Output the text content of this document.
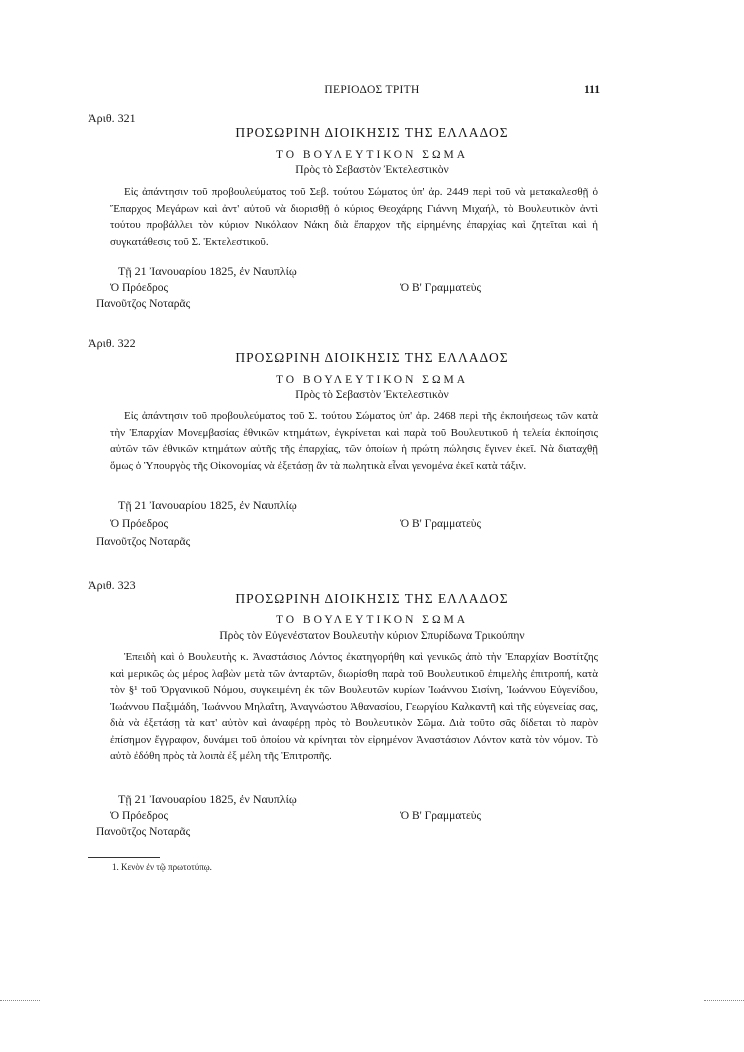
ΠΕΡΙΟΔΟΣ ΤΡΙΤΗ	111
Ἀριθ. 321
ΠΡΟΣΩΡΙΝΗ ΔΙΟΙΚΗΣΙΣ ΤΗΣ ΕΛΛΑΔΟΣ
ΤΟ ΒΟΥΛΕΥΤΙΚΟΝ ΣΩΜΑ
Πρὸς τὸ Σεβαστὸν Ἐκτελεστικὸν

Εἰς ἀπάντησιν τοῦ προβουλεύματος τοῦ Σεβ. τούτου Σώματος ὑπ' ἀρ. 2449 περὶ τοῦ νὰ μετακαλεσθῇ ὁ Ἔπαρχος Μεγάρων καὶ ἀντ' αὐτοῦ νὰ διορισθῇ ὁ κύριος Θεοχάρης Γιάννη Μιχαήλ, τὸ Βουλευτικὸν ἀντὶ τούτου προβάλλει τὸν κύριον Νικόλαον Νάκη διὰ ἔπαρχον τῆς εἰρημένης ἐπαρχίας καὶ ζητεῖται καὶ ἡ συγκατάθεσις τοῦ Σ. Ἐκτελεστικοῦ.

Τῇ 21 Ἰανουαρίου 1825, ἐν Ναυπλίῳ
Ὁ Πρόεδρος	Ὁ Β' Γραμματεὺς
Πανοῦτζος Νοταρᾶς
Ἀριθ. 322
ΠΡΟΣΩΡΙΝΗ ΔΙΟΙΚΗΣΙΣ ΤΗΣ ΕΛΛΑΔΟΣ
ΤΟ ΒΟΥΛΕΥΤΙΚΟΝ ΣΩΜΑ
Πρὸς τὸ Σεβαστὸν Ἐκτελεστικὸν

Εἰς ἀπάντησιν τοῦ προβουλεύματος τοῦ Σ. τούτου Σώματος ὑπ' ἀρ. 2468 περὶ τῆς ἐκποιήσεως τῶν κατὰ τὴν Ἐπαρχίαν Μονεμβασίας ἐθνικῶν κτημάτων, ἐγκρίνεται καὶ παρὰ τοῦ Βουλευτικοῦ ἡ τελεία ἐκποίησις αὐτῶν τῶν ἐθνικῶν κτημάτων αὐτῆς τῆς ἐπαρχίας, τῶν ὁποίων ἡ πρώτη πώλησις ἔγινεν ἐκεῖ. Νὰ διαταχθῇ ὅμως ὁ Ὑπουργὸς τῆς Οἰκονομίας νὰ ἐξετάσῃ ἂν τὰ πωλητικὰ εἶναι γενομένα ἐκεῖ κατὰ τάξιν.

Τῇ 21 Ἰανουαρίου 1825, ἐν Ναυπλίῳ
Ὁ Πρόεδρος	Ὁ Β' Γραμματεὺς
Πανοῦτζος Νοταρᾶς
Ἀριθ. 323
ΠΡΟΣΩΡΙΝΗ ΔΙΟΙΚΗΣΙΣ ΤΗΣ ΕΛΛΑΔΟΣ
ΤΟ ΒΟΥΛΕΥΤΙΚΟΝ ΣΩΜΑ
Πρὸς τὸν Εὐγενέστατον Βουλευτὴν κύριον Σπυρίδωνα Τρικούπην

Ἐπειδὴ καὶ ὁ Βουλευτὴς κ. Ἀναστάσιος Λόντος ἐκατηγορήθη καὶ γενικῶς ἀπὸ τὴν Ἐπαρχίαν Βοστίτζης καὶ μερικῶς ὡς μέρος λαβὼν μετὰ τῶν ἀνταρτῶν, διωρίσθη παρὰ τοῦ Βουλευτικοῦ ἐπιμελὴς ἐπιτροπή, κατὰ τὸν §¹ τοῦ Ὀργανικοῦ Νόμου, συγκειμένη ἐκ τῶν Βουλευτῶν κυρίων Ἰωάννου Σισίνη, Ἰωάννου Εὐγενίδου, Ἰωάννου Παξιμάδη, Ἰωάννου Μηλαΐτη, Ἀναγνώστου Ἀθανασίου, Γεωργίου Καλκαντῆ καὶ τῆς εὐγενείας σας, διὰ νὰ ἐξετάσῃ τὰ κατ' αὐτὸν καὶ ἀναφέρῃ πρὸς τὸ Βουλευτικὸν Σῶμα. Διὰ τοῦτο σᾶς δίδεται τὸ παρὸν ἐπίσημον ἔγγραφον, δυνάμει τοῦ ὁποίου νὰ κρίνηται τὸν εἰρημένον Ἀναστάσιον Λόντον κατὰ τὸν νόμον. Τὸ αὐτὸ ἐδόθη πρὸς τὰ λοιπὰ ἐξ μέλη τῆς Ἐπιτροπῆς.

Τῇ 21 Ἰανουαρίου 1825, ἐν Ναυπλίῳ
Ὁ Πρόεδρος	Ὁ Β' Γραμματεὺς
Πανοῦτζος Νοταρᾶς
1. Κενὸν ἐν τῷ πρωτοτύπῳ.
